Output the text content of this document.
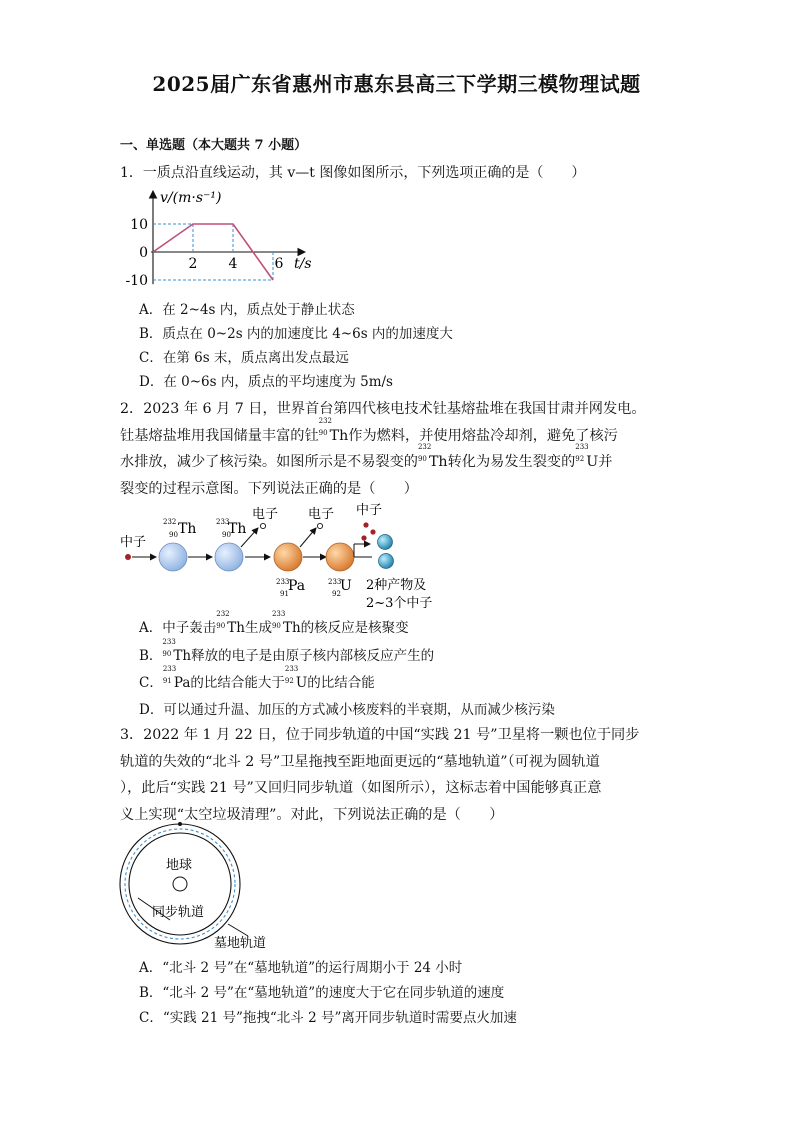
2025届广东省惠州市惠东县高三下学期三模物理试题
一、单选题（本大题共 7 小题）
1．一质点沿直线运动，其 v—t 图像如图所示，下列选项正确的是（　　）
10
0
-10
2 4	6
v/(m·s⁻¹)
t/s
A．在 2~4s 内，质点处于静止状态
B．质点在 0~2s 内的加速度比 4~6s 内的加速度大
C．在第 6s 末，质点离出发点最远
D．在 0~6s 内，质点的平均速度为 5m/s
2．2023 年 6 月 7 日，世界首台第四代核电技术钍基熔盐堆在我国甘肃并网发电。
钍基熔盐堆用我国储量丰富的钍
232
90 Th作为燃料，并使用熔盐冷却剂，避免了核污
水排放，减少了核污染。如图所示是不易裂变的
232
90 Th转化为易发生裂变的
233
92 U并
裂变的过程示意图。下列说法正确的是（　　）
中子
232
90 Th	233
90
Th
电子
233
91 Pa
电子
233
92 U
中子
2种产物及
2~3个中子
A．中子轰击
232
90 Th生成
233
90 Th的核反应是核聚变
B．
233
90 Th释放的电子是由原子核内部核反应产生的
C．
233
91 Pa的比结合能大于
233
92 U的比结合能
D．可以通过升温、加压的方式减小核废料的半衰期，从而减少核污染
3．2022 年 1 月 22 日，位于同步轨道的中国“实践 21 号”卫星将一颗也位于同步
轨道的失效的“北斗 2 号”卫星拖拽至距地面更远的“墓地轨道”（可视为圆轨道
），此后“实践 21 号”又回归同步轨道（如图所示），这标志着中国能够真正意
义上实现“太空垃圾清理”。对此，下列说法正确的是（　　）
地球
同步轨道
墓地轨道
A．“北斗 2 号”在“墓地轨道”的运行周期小于 24 小时
B．“北斗 2 号”在“墓地轨道”的速度大于它在同步轨道的速度
C．“实践 21 号”拖拽“北斗 2 号”离开同步轨道时需要点火加速
